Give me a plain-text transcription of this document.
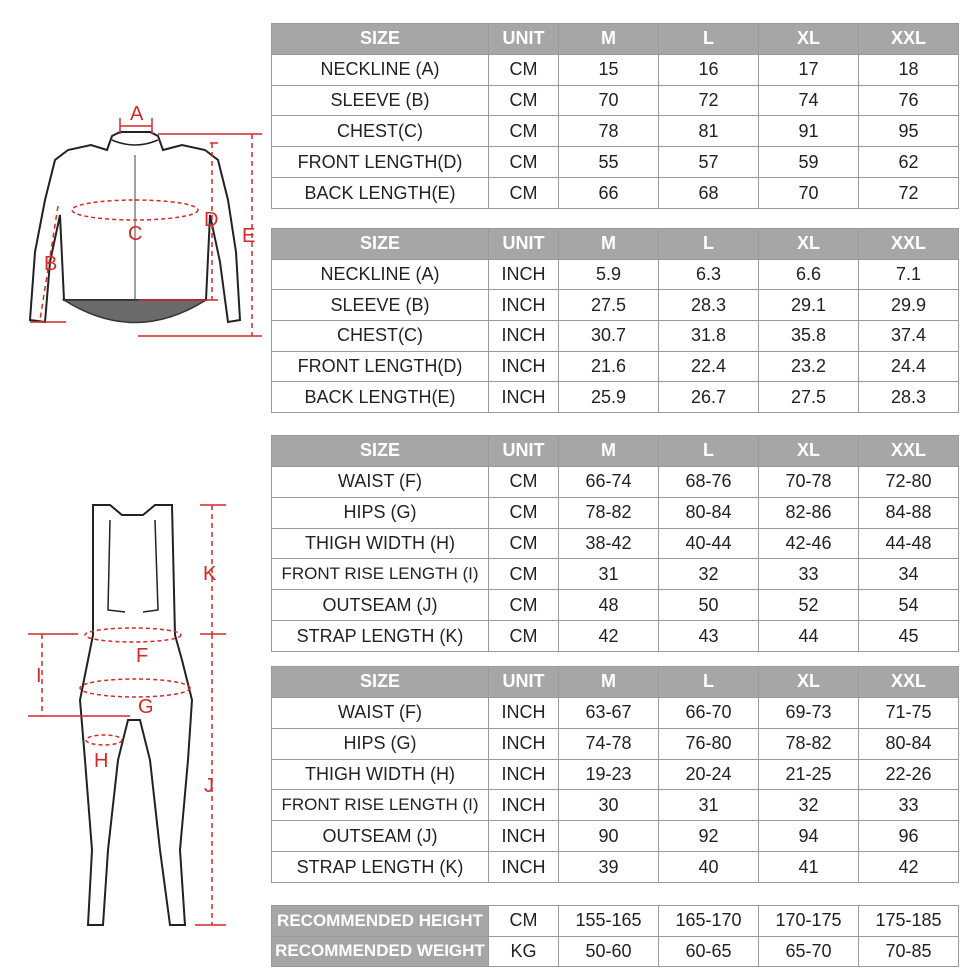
A
C
D
E
B
K
F
I
G
H
J
SIZE	UNIT	M	L	XL	XXL
NECKLINE (A)	CM	15	16	17	18
SLEEVE (B)	CM	70	72	74	76
CHEST(C)	CM	78	81	91	95
FRONT LENGTH(D)	CM	55	57	59	62
BACK LENGTH(E)	CM	66	68	70	72
SIZE	UNIT	M	L	XL	XXL
NECKLINE (A)	INCH	5.9	6.3	6.6	7.1
SLEEVE (B)	INCH	27.5	28.3	29.1	29.9
CHEST(C)	INCH	30.7	31.8	35.8	37.4
FRONT LENGTH(D)	INCH	21.6	22.4	23.2	24.4
BACK LENGTH(E)	INCH	25.9	26.7	27.5	28.3
SIZE	UNIT	M	L	XL	XXL
WAIST (F)	CM	66-74	68-76	70-78	72-80
HIPS (G)	CM	78-82	80-84	82-86	84-88
THIGH WIDTH (H)	CM	38-42	40-44	42-46	44-48
FRONT RISE LENGTH (I)	CM	31	32	33	34
OUTSEAM (J)	CM	48	50	52	54
STRAP LENGTH (K)	CM	42	43	44	45
SIZE	UNIT	M	L	XL	XXL
WAIST (F)	INCH	63-67	66-70	69-73	71-75
HIPS (G)	INCH	74-78	76-80	78-82	80-84
THIGH WIDTH (H)	INCH	19-23	20-24	21-25	22-26
FRONT RISE LENGTH (I)	INCH	30	31	32	33
OUTSEAM (J)	INCH	90	92	94	96
STRAP LENGTH (K)	INCH	39	40	41	42
RECOMMENDED HEIGHT	CM	155-165	165-170	170-175	175-185
RECOMMENDED WEIGHT	KG	50-60	60-65	65-70	70-85
